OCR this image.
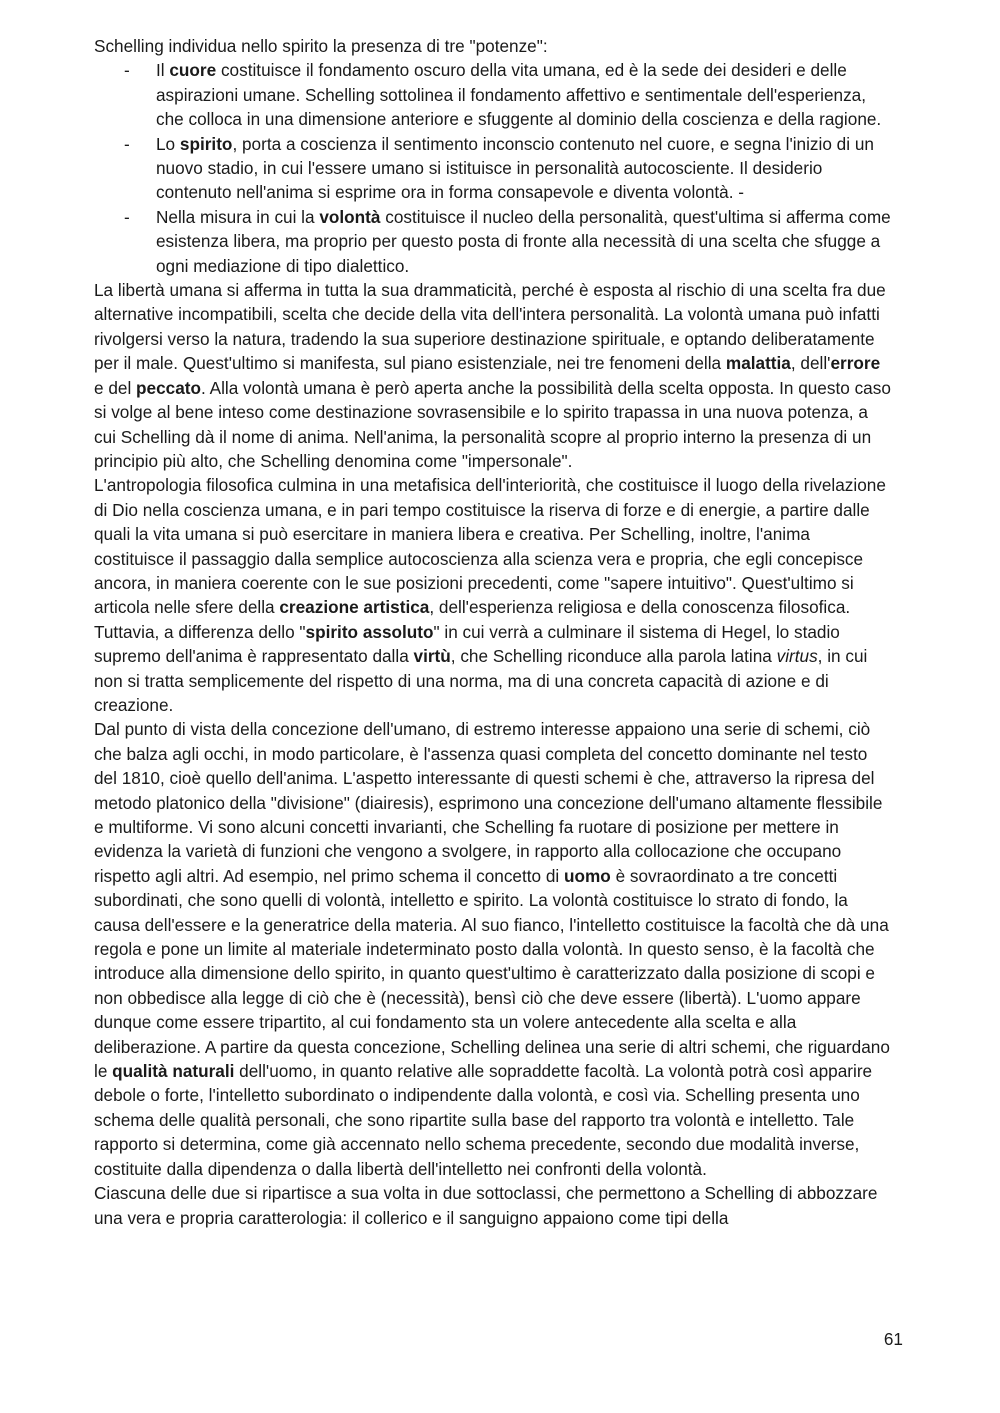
Schelling individua nello spirito la presenza di tre "potenze":

- Il cuore costituisce il fondamento oscuro della vita umana, ed è la sede dei desideri e delle aspirazioni umane. Schelling sottolinea il fondamento affettivo e sentimentale dell'esperienza, che colloca in una dimensione anteriore e sfuggente al dominio della coscienza e della ragione.
- Lo spirito, porta a coscienza il sentimento inconscio contenuto nel cuore, e segna l'inizio di un nuovo stadio, in cui l'essere umano si istituisce in personalità autocosciente. Il desiderio contenuto nell'anima si esprime ora in forma consapevole e diventa volontà. -
- Nella misura in cui la volontà costituisce il nucleo della personalità, quest'ultima si afferma come esistenza libera, ma proprio per questo posta di fronte alla necessità di una scelta che sfugge a ogni mediazione di tipo dialettico.

La libertà umana si afferma in tutta la sua drammaticità, perché è esposta al rischio di una scelta fra due alternative incompatibili, scelta che decide della vita dell'intera personalità. La volontà umana può infatti rivolgersi verso la natura, tradendo la sua superiore destinazione spirituale, e optando deliberatamente per il male. Quest'ultimo si manifesta, sul piano esistenziale, nei tre fenomeni della malattia, dell'errore e del peccato. Alla volontà umana è però aperta anche la possibilità della scelta opposta. In questo caso si volge al bene inteso come destinazione sovrasensibile e lo spirito trapassa in una nuova potenza, a cui Schelling dà il nome di anima. Nell'anima, la personalità scopre al proprio interno la presenza di un principio più alto, che Schelling denomina come "impersonale".

L'antropologia filosofica culmina in una metafisica dell'interiorità, che costituisce il luogo della rivelazione di Dio nella coscienza umana, e in pari tempo costituisce la riserva di forze e di energie, a partire dalle quali la vita umana si può esercitare in maniera libera e creativa. Per Schelling, inoltre, l'anima costituisce il passaggio dalla semplice autocoscienza alla scienza vera e propria, che egli concepisce ancora, in maniera coerente con le sue posizioni precedenti, come "sapere intuitivo". Quest'ultimo si articola nelle sfere della creazione artistica, dell'esperienza religiosa e della conoscenza filosofica. Tuttavia, a differenza dello "spirito assoluto" in cui verrà a culminare il sistema di Hegel, lo stadio supremo dell'anima è rappresentato dalla virtù, che Schelling riconduce alla parola latina virtus, in cui non si tratta semplicemente del rispetto di una norma, ma di una concreta capacità di azione e di creazione.

Dal punto di vista della concezione dell'umano, di estremo interesse appaiono una serie di schemi, ciò che balza agli occhi, in modo particolare, è l'assenza quasi completa del concetto dominante nel testo del 1810, cioè quello dell'anima. L'aspetto interessante di questi schemi è che, attraverso la ripresa del metodo platonico della "divisione" (diairesis), esprimono una concezione dell'umano altamente flessibile e multiforme. Vi sono alcuni concetti invarianti, che Schelling fa ruotare di posizione per mettere in evidenza la varietà di funzioni che vengono a svolgere, in rapporto alla collocazione che occupano rispetto agli altri. Ad esempio, nel primo schema il concetto di uomo è sovraordinato a tre concetti subordinati, che sono quelli di volontà, intelletto e spirito. La volontà costituisce lo strato di fondo, la causa dell'essere e la generatrice della materia. Al suo fianco, l'intelletto costituisce la facoltà che dà una regola e pone un limite al materiale indeterminato posto dalla volontà. In questo senso, è la facoltà che introduce alla dimensione dello spirito, in quanto quest'ultimo è caratterizzato dalla posizione di scopi e non obbedisce alla legge di ciò che è (necessità), bensì ciò che deve essere (libertà). L'uomo appare dunque come essere tripartito, al cui fondamento sta un volere antecedente alla scelta e alla deliberazione. A partire da questa concezione, Schelling delinea una serie di altri schemi, che riguardano le qualità naturali dell'uomo, in quanto relative alle sopraddette facoltà. La volontà potrà così apparire debole o forte, l'intelletto subordinato o indipendente dalla volontà, e così via. Schelling presenta uno schema delle qualità personali, che sono ripartite sulla base del rapporto tra volontà e intelletto. Tale rapporto si determina, come già accennato nello schema precedente, secondo due modalità inverse, costituite dalla dipendenza o dalla libertà dell'intelletto nei confronti della volontà.

Ciascuna delle due si ripartisce a sua volta in due sottoclassi, che permettono a Schelling di abbozzare una vera e propria caratterologia: il collerico e il sanguigno appaiono come tipi della

61
